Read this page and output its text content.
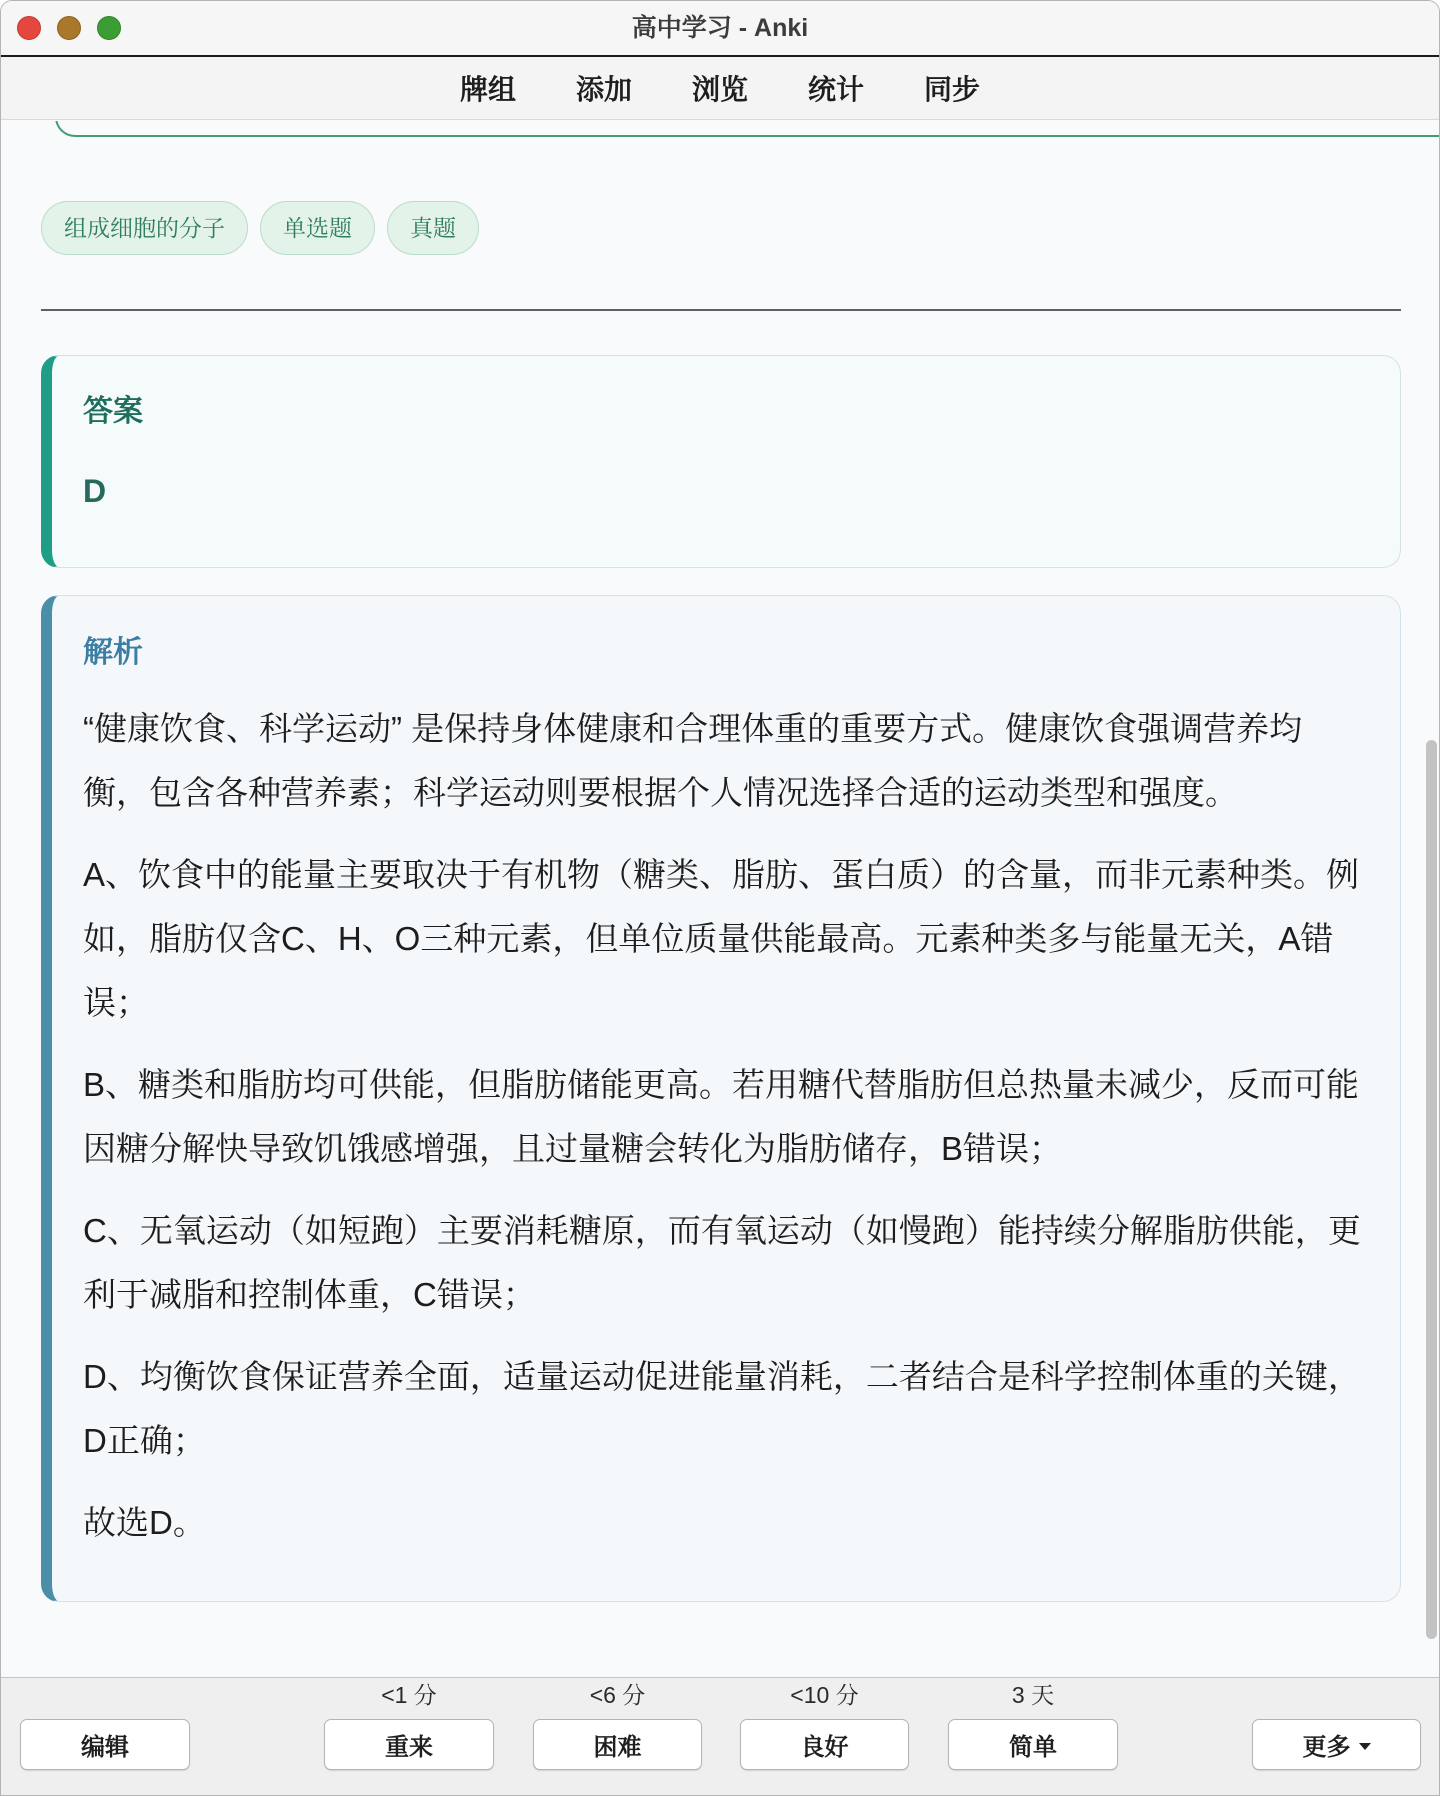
高中学习 - Anki
牌组 添加 浏览 统计 同步
组成细胞的分子	单选题	真题
答案
D
解析

“健康饮食、科学运动” 是保持身体健康和合理体重的重要方式。健康饮食强调营养均衡，包含各种营养素；科学运动则要根据个人情况选择合适的运动类型和强度。

A、饮食中的能量主要取决于有机物（糖类、脂肪、蛋白质）的含量，而非元素种类。例如，脂肪仅含C、H、O三种元素，但单位质量供能最高。元素种类多与能量无关，A错误；

B、糖类和脂肪均可供能，但脂肪储能更高。若用糖代替脂肪但总热量未减少，反而可能因糖分解快导致饥饿感增强，且过量糖会转化为脂肪储存，B错误；

C、无氧运动（如短跑）主要消耗糖原，而有氧运动（如慢跑）能持续分解脂肪供能，更利于减脂和控制体重，C错误；

D、均衡饮食保证营养全面，适量运动促进能量消耗，二者结合是科学控制体重的关键，D正确；

故选D。

<1 分	<6 分	<10 分	3 天
编辑	重来	困难	良好	简单	更多
